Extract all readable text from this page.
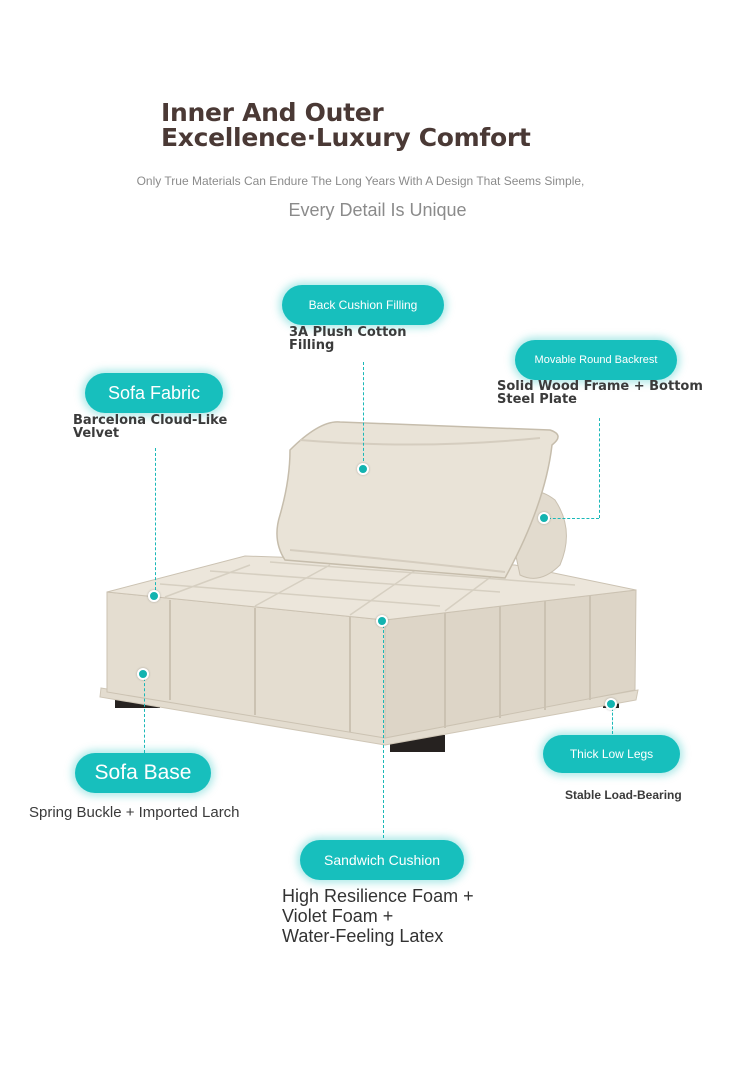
Inner And Outer
Excellence·Luxury Comfort
Only True Materials Can Endure The Long Years With A Design That Seems Simple,
Every Detail Is Unique
Back Cushion Filling
3A Plush Cotton
Filling
Movable Round Backrest
Solid Wood Frame + Bottom
Steel Plate
Sofa Fabric
Barcelona Cloud-Like
Velvet
Sofa Base
Spring Buckle + Imported Larch
Thick Low Legs
Stable Load-Bearing
Sandwich Cushion
High Resilience Foam +
Violet Foam +
Water-Feeling Latex
